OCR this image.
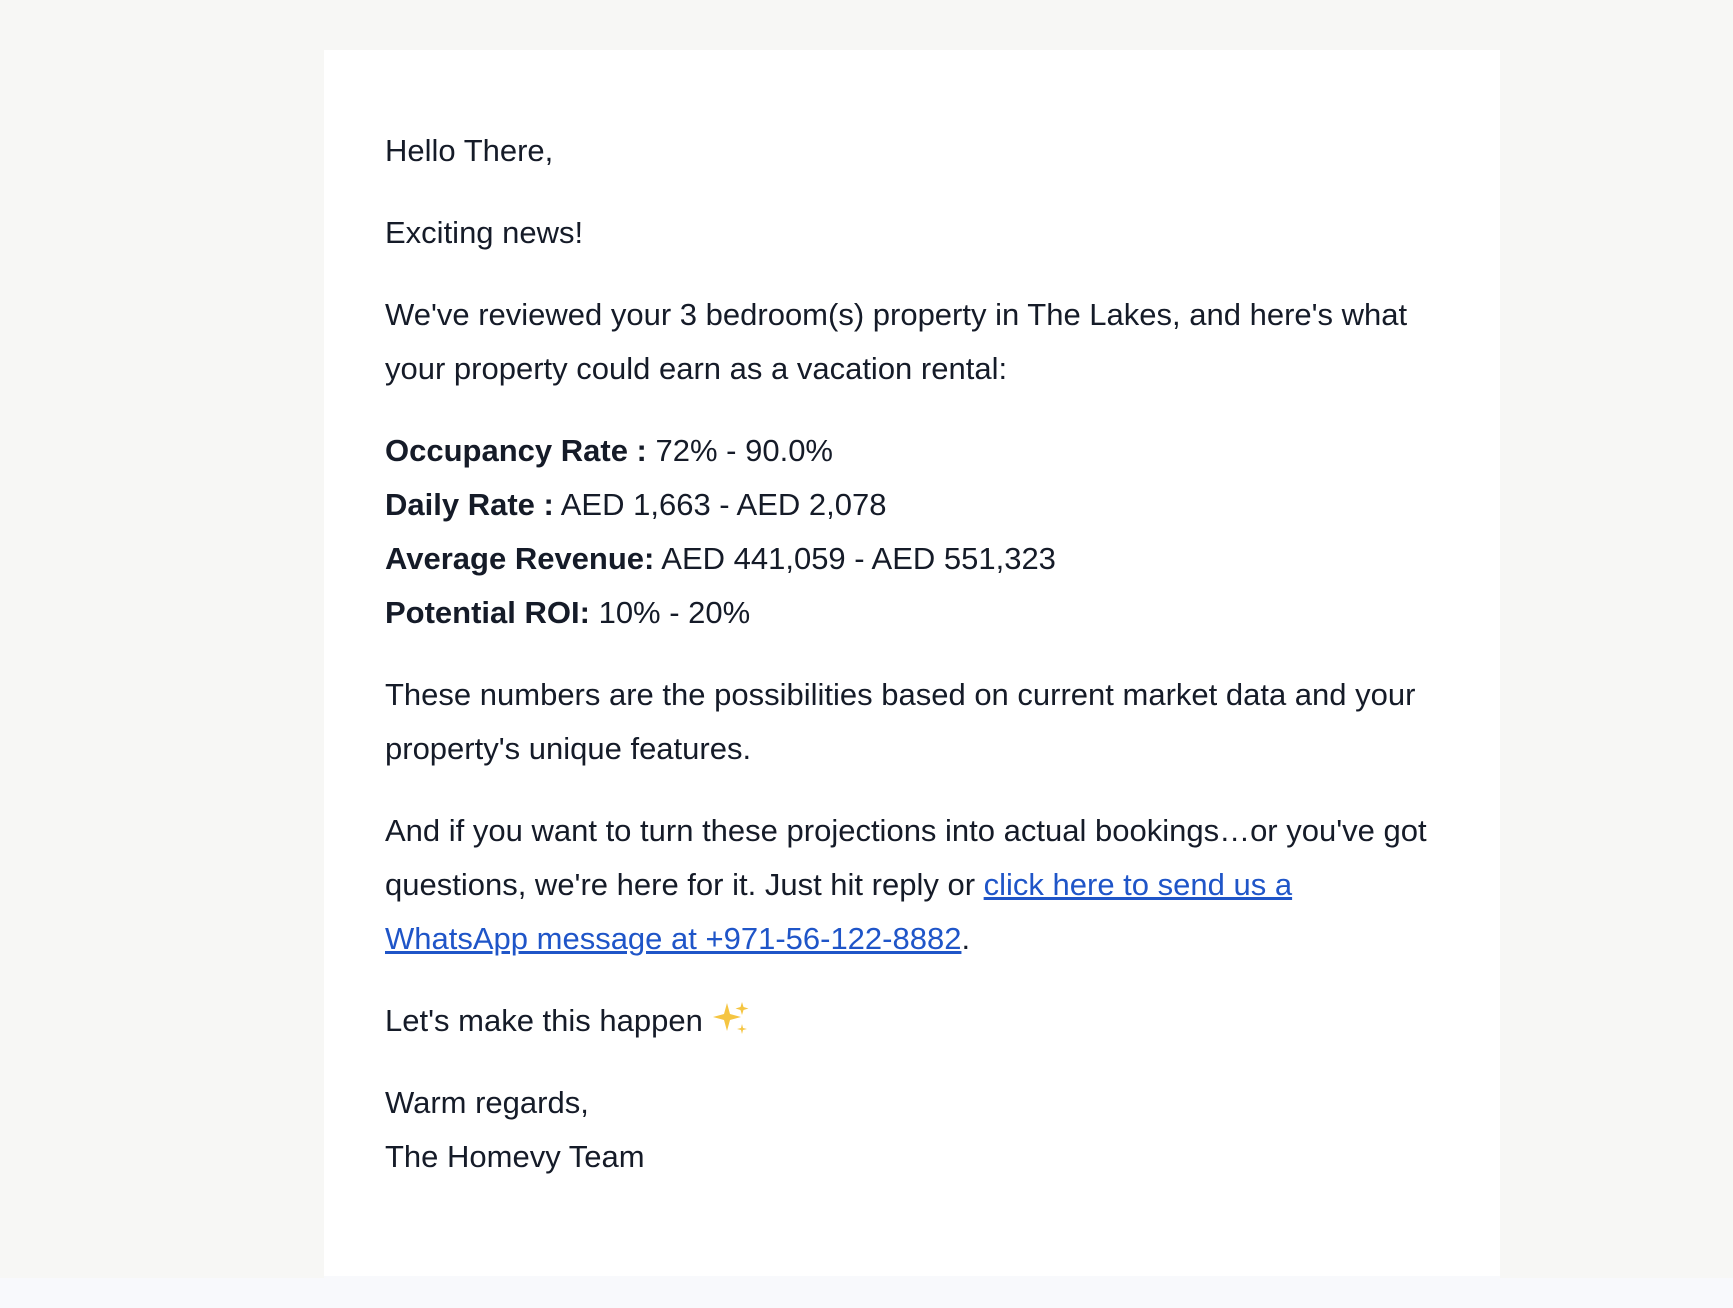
Hello There,

Exciting news!

We've reviewed your 3 bedroom(s) property in The Lakes, and here's what your property could earn as a vacation rental:

Occupancy Rate : 72% - 90.0%
Daily Rate : AED 1,663 - AED 2,078
Average Revenue: AED 441,059 - AED 551,323
Potential ROI: 10% - 20%

These numbers are the possibilities based on current market data and your property's unique features.

And if you want to turn these projections into actual bookings…or you've got questions, we're here for it. Just hit reply or click here to send us a WhatsApp message at +971-56-122-8882.

Let's make this happen

Warm regards,
The Homevy Team
